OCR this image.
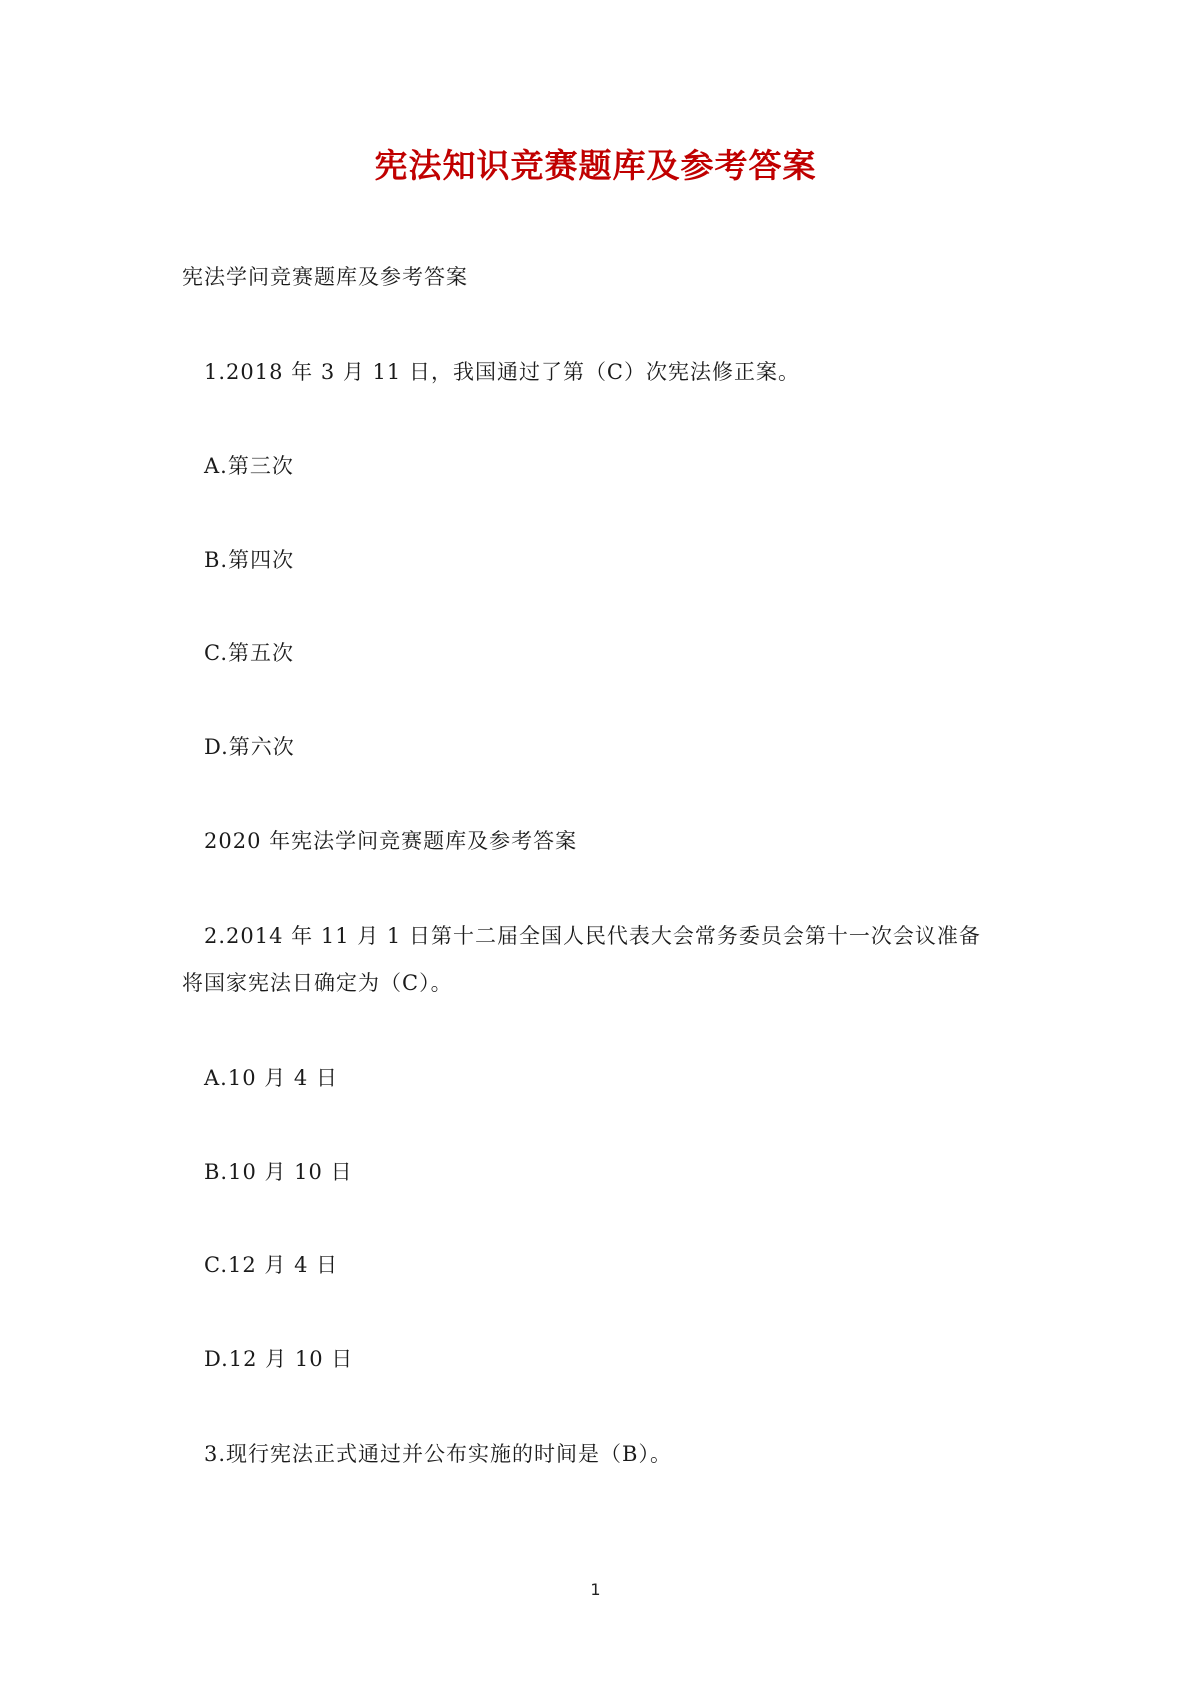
宪法知识竞赛题库及参考答案
宪法学问竞赛题库及参考答案
1.2018 年 3 月 11 日，我国通过了第（C）次宪法修正案。
A.第三次
B.第四次
C.第五次
D.第六次
2020 年宪法学问竞赛题库及参考答案
2.2014 年 11 月 1 日第十二届全国人民代表大会常务委员会第十一次会议准备
将国家宪法日确定为（C）。
A.10 月 4 日
B.10 月 10 日
C.12 月 4 日
D.12 月 10 日
3.现行宪法正式通过并公布实施的时间是（B）。
1
